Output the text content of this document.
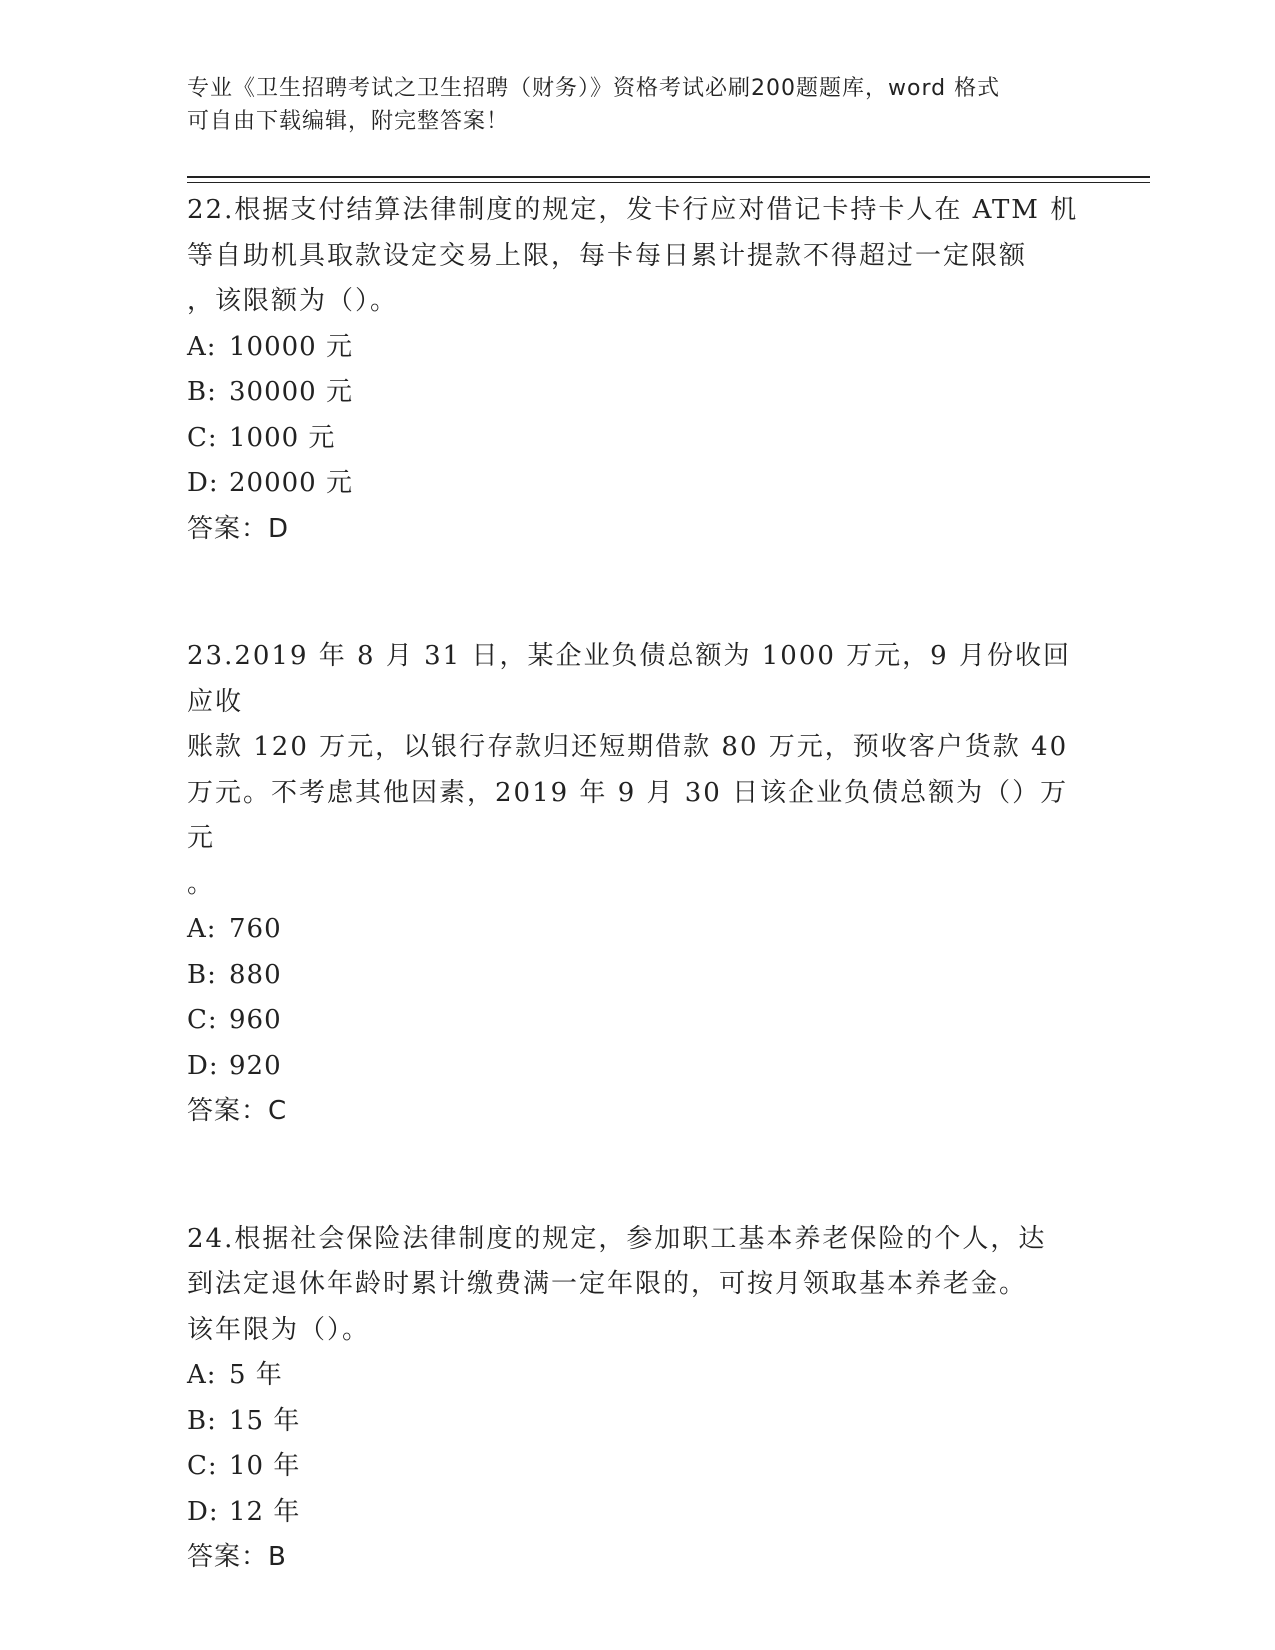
专业《卫生招聘考试之卫生招聘（财务）》资格考试必刷200题题库，word 格式
可自由下载编辑，附完整答案！

22.根据支付结算法律制度的规定，发卡行应对借记卡持卡人在 ATM 机

等自助机具取款设定交易上限，每卡每日累计提款不得超过一定限额

，该限额为（）。

A: 10000 元

B: 30000 元

C: 1000 元

D: 20000 元

答案：D

23.2019 年 8 月 31 日，某企业负债总额为 1000 万元，9 月份收回应收

账款 120 万元，以银行存款归还短期借款 80 万元，预收客户货款 40

万元。不考虑其他因素，2019 年 9 月 30 日该企业负债总额为（）万元

。

A: 760

B: 880

C: 960

D: 920

答案：C

24.根据社会保险法律制度的规定，参加职工基本养老保险的个人，达

到法定退休年龄时累计缴费满一定年限的，可按月领取基本养老金。

该年限为（）。

A: 5 年

B: 15 年

C: 10 年

D: 12 年

答案：B
